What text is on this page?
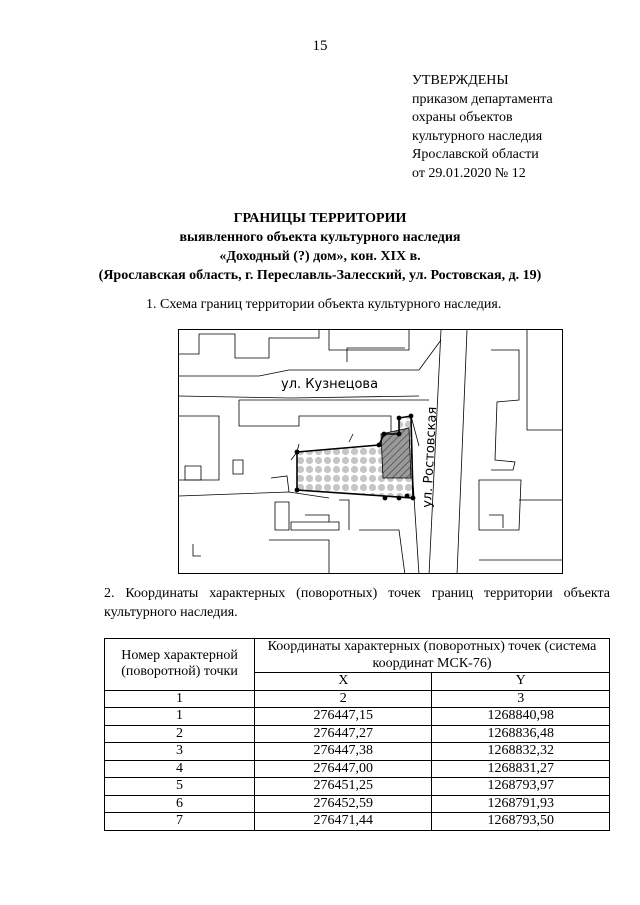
15
УТВЕРЖДЕНЫ
приказом департамента
охраны объектов
культурного наследия
Ярославской области
от 29.01.2020 № 12
ГРАНИЦЫ ТЕРРИТОРИИ
выявленного объекта культурного наследия
«Доходный (?) дом», кон. XIX в.
(Ярославская область, г. Переславль-Залесский, ул. Ростовская, д. 19)
1. Схема границ территории объекта культурного наследия.
ул. Кузнецова
ул. Ростовская
2. Координаты характерных (поворотных) точек границ территории объекта культурного наследия.
Номер характерной (поворотной) точки	Координаты характерных (поворотных) точек (система координат МСК-76)	
	X	Y
1	2	3
1	276447,15	1268840,98
2	276447,27	1268836,48
3	276447,38	1268832,32
4	276447,00	1268831,27
5	276451,25	1268793,97
6	276452,59	1268791,93
7	276471,44	1268793,50
